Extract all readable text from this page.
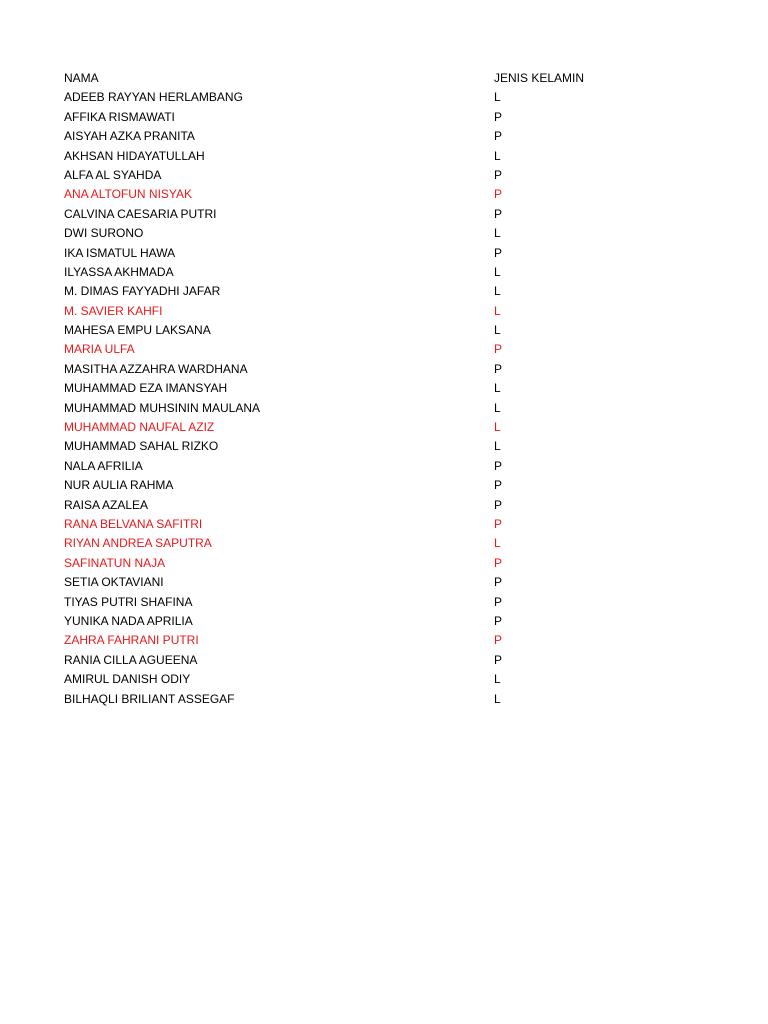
NAMA	JENIS KELAMIN
ADEEB RAYYAN HERLAMBANG	L
AFFIKA RISMAWATI	P
AISYAH AZKA PRANITA	P
AKHSAN HIDAYATULLAH	L
ALFA AL SYAHDA	P
ANA ALTOFUN NISYAK	P
CALVINA CAESARIA PUTRI	P
DWI SURONO	L
IKA ISMATUL HAWA	P
ILYASSA AKHMADA	L
M. DIMAS FAYYADHI JAFAR	L
M. SAVIER KAHFI	L
MAHESA EMPU LAKSANA	L
MARIA ULFA	P
MASITHA AZZAHRA WARDHANA	P
MUHAMMAD EZA IMANSYAH	L
MUHAMMAD MUHSININ MAULANA	L
MUHAMMAD NAUFAL AZIZ	L
MUHAMMAD SAHAL RIZKO	L
NALA AFRILIA	P
NUR AULIA RAHMA	P
RAISA AZALEA	P
RANA BELVANA SAFITRI	P
RIYAN ANDREA SAPUTRA	L
SAFINATUN NAJA	P
SETIA OKTAVIANI	P
TIYAS PUTRI SHAFINA	P
YUNIKA NADA APRILIA	P
ZAHRA FAHRANI PUTRI	P
RANIA CILLA AGUEENA	P
AMIRUL DANISH ODIY	L
BILHAQLI BRILIANT ASSEGAF	L
